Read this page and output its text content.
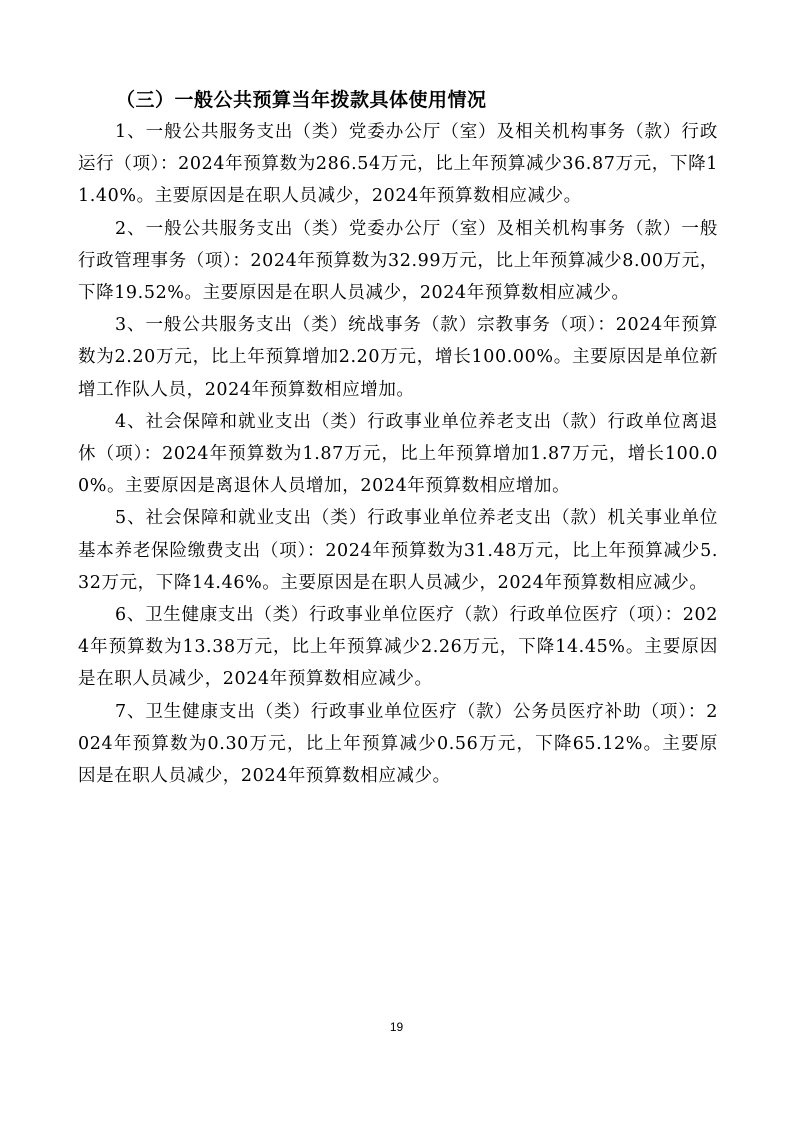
（三）一般公共预算当年拨款具体使用情况

1、一般公共服务支出（类）党委办公厅（室）及相关机构事务（款）行政运行（项）：2024年预算数为286.54万元，比上年预算减少36.87万元，下降11.40%。主要原因是在职人员减少，2024年预算数相应减少。

2、一般公共服务支出（类）党委办公厅（室）及相关机构事务（款）一般行政管理事务（项）：2024年预算数为32.99万元，比上年预算减少8.00万元，下降19.52%。主要原因是在职人员减少，2024年预算数相应减少。

3、一般公共服务支出（类）统战事务（款）宗教事务（项）：2024年预算数为2.20万元，比上年预算增加2.20万元，增长100.00%。主要原因是单位新增工作队人员，2024年预算数相应增加。

4、社会保障和就业支出（类）行政事业单位养老支出（款）行政单位离退休（项）：2024年预算数为1.87万元，比上年预算增加1.87万元，增长100.00%。主要原因是离退休人员增加，2024年预算数相应增加。

5、社会保障和就业支出（类）行政事业单位养老支出（款）机关事业单位基本养老保险缴费支出（项）：2024年预算数为31.48万元，比上年预算减少5.32万元，下降14.46%。主要原因是在职人员减少，2024年预算数相应减少。

6、卫生健康支出（类）行政事业单位医疗（款）行政单位医疗（项）：2024年预算数为13.38万元，比上年预算减少2.26万元，下降14.45%。主要原因是在职人员减少，2024年预算数相应减少。

7、卫生健康支出（类）行政事业单位医疗（款）公务员医疗补助（项）：2024年预算数为0.30万元，比上年预算减少0.56万元，下降65.12%。主要原因是在职人员减少，2024年预算数相应减少。

19
